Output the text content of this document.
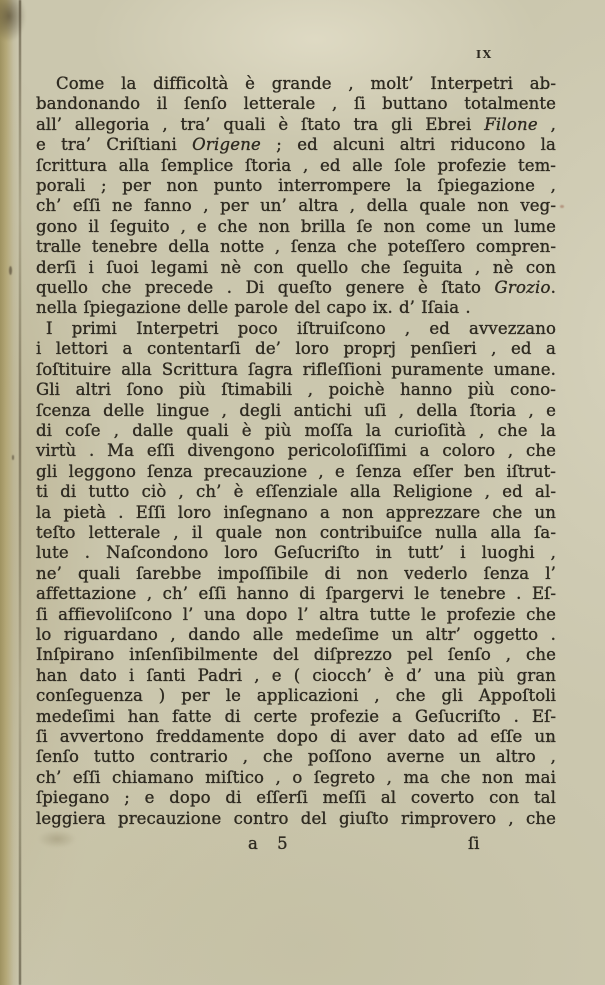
ix
Come la difficoltà è grande , molt’ Interpetri ab-
bandonando il ſenſo letterale , ſi buttano totalmente
all’ allegoria , tra’ quali è ſtato tra gli Ebrei Filone ,
e tra’ Criſtiani Origene ; ed alcuni altri riducono la
ſcrittura alla ſemplice ſtoria , ed alle ſole profezie tem-
porali ; per non punto interrompere la ſpiegazione ,
ch’ eſſi ne fanno , per un’ altra , della quale non veg-
gono il ſeguito , e che non brilla ſe non come un lume
tralle tenebre della notte , ſenza che poteſſero compren-
derſi i ſuoi legami nè con quello che ſeguita , nè con
quello che precede . Di queſto genere è ſtato Grozio.
nella ſpiegazione delle parole del capo ix. d’ Iſaia .
I primi Interpetri poco iſtruiſcono , ed avvezzano
i lettori a contentarſi de’ loro proprj penſieri , ed a
ſoſtituire alla Scrittura ſagra rifleſſioni puramente umane.
Gli altri ſono più ſtimabili , poichè hanno più cono-
ſcenza delle lingue , degli antichi uſi , della ſtoria , e
di coſe , dalle quali è più moſſa la curioſità , che la
virtù . Ma eſſi divengono pericoloſiſſimi a coloro , che
gli leggono ſenza precauzione , e ſenza eſſer ben iſtrut-
ti di tutto ciò , ch’ è eſſenziale alla Religione , ed al-
la pietà . Eſſi loro inſegnano a non apprezzare che un
teſto letterale , il quale non contribuiſce nulla alla ſa-
lute . Naſcondono loro Geſucriſto in tutt’ i luoghi ,
ne’ quali ſarebbe impoſſibile di non vederlo ſenza l’
affettazione , ch’ eſſi hanno di ſpargervi le tenebre . Eſ-
ſi affievoliſcono l’ una dopo l’ altra tutte le profezie che
lo riguardano , dando alle medeſime un altr’ oggetto .
Inſpirano inſenſibilmente del diſprezzo pel ſenſo , che
han dato i ſanti Padri , e ( ciocch’ è d’ una più gran
conſeguenza ) per le applicazioni , che gli Appoſtoli
medeſimi han fatte di certe profezie a Geſucriſto . Eſ-
ſi avvertono freddamente dopo di aver dato ad eſſe un
ſenſo tutto contrario , che poſſono averne un altro ,
ch’ eſſi chiamano miſtico , o ſegreto , ma che non mai
ſpiegano ; e dopo di eſſerſi meſſi al coverto con tal
leggiera precauzione contro del giuſto rimprovero , che
a 5	ſi
